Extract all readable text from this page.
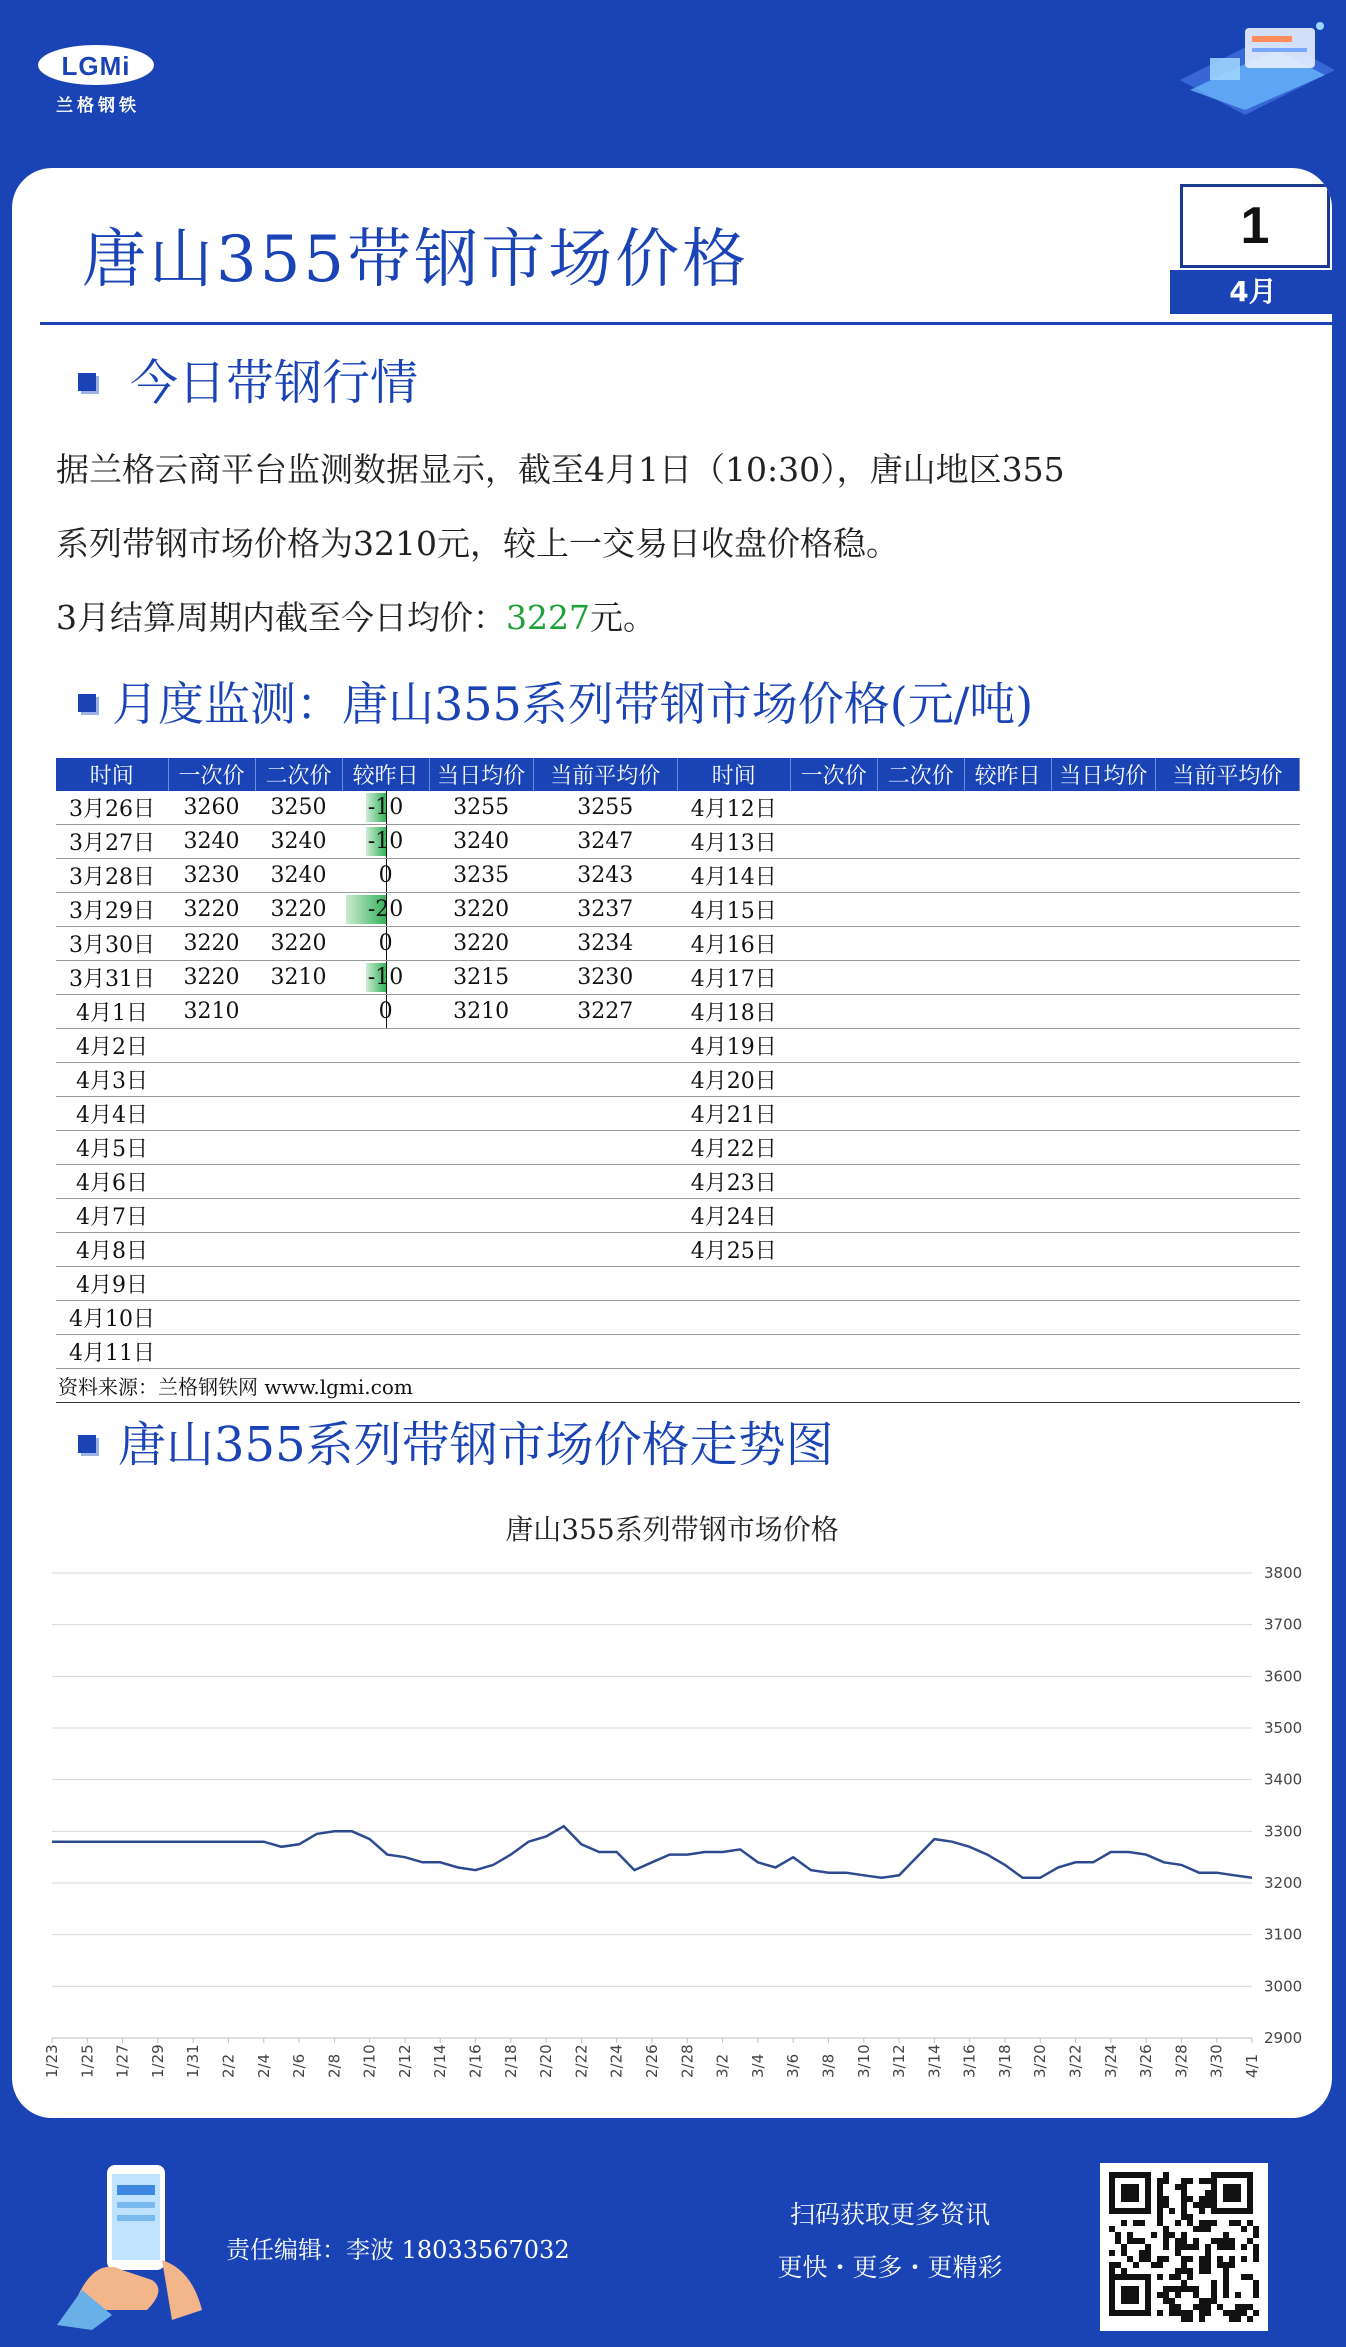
LGMi
兰格钢铁
唐山355带钢市场价格	1
4月
今日带钢行情
据兰格云商平台监测数据显示，截至4月1日（10:30），唐山地区355
系列带钢市场价格为3210元，较上一交易日收盘价格稳。
3月结算周期内截至今日均价：3227元。
月度监测：唐山355系列带钢市场价格(元/吨)
时间	一次价	二次价	较昨日	当日均价	当前平均价	时间	一次价	二次价	较昨日	当日均价	当前平均价
3月26日	3260	3250	-10	3255	3255	4月12日					
3月27日	3240	3240	-10	3240	3247	4月13日					
3月28日	3230	3240	0	3235	3243	4月14日					
3月29日	3220	3220	-20	3220	3237	4月15日					
3月30日	3220	3220	0	3220	3234	4月16日					
3月31日	3220	3210	-10	3215	3230	4月17日					
4月1日	3210		0	3210	3227	4月18日					
4月2日						4月19日					
4月3日						4月20日					
4月4日						4月21日					
4月5日						4月22日					
4月6日						4月23日					
4月7日						4月24日					
4月8日						4月25日					
4月9日											
4月10日											
4月11日											
资料来源：兰格钢铁网 www.lgmi.com											
唐山355系列带钢市场价格走势图
唐山355系列带钢市场价格
2900
3000
3100
3200
3300
3400
3500
3600
3700
3800
1/23 1/25 1/27 1/29 1/31 2/2 2/4 2/6 2/8 2/10 2/12 2/14 2/16 2/18 2/20 2/22 2/24 2/26 2/28 3/2 3/4 3/6 3/8 3/10 3/12 3/14 3/16 3/18 3/20 3/22 3/24 3/26 3/28 3/30 4/1
责任编辑：李波 18033567032
扫码获取更多资讯
更快・更多・更精彩
